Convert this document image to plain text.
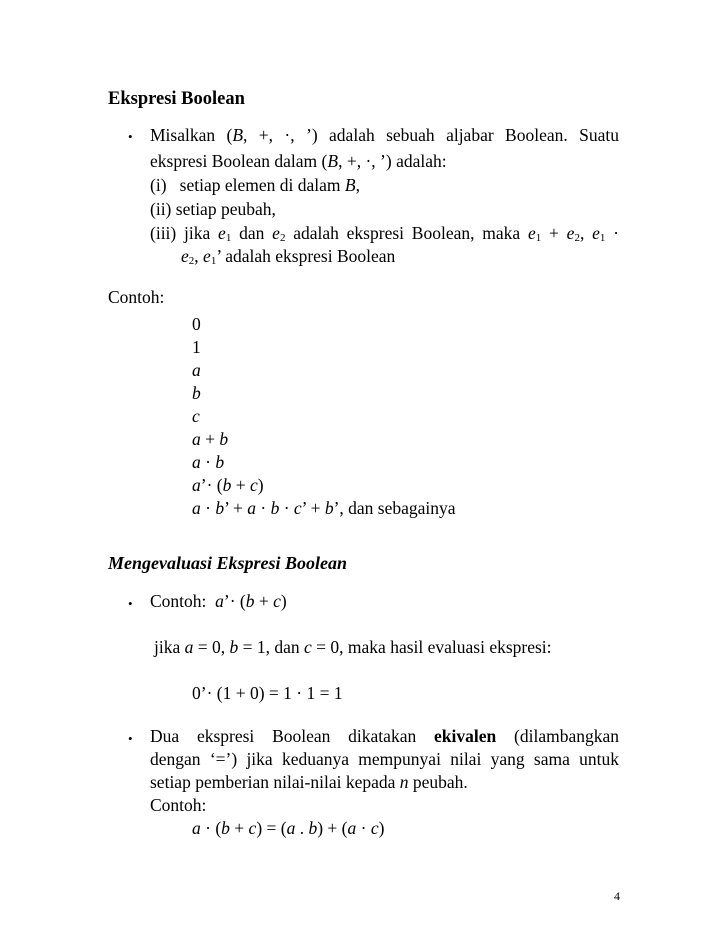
Ekspresi Boolean
• Misalkan (B, +, ·, ’) adalah sebuah aljabar Boolean. Suatu
ekspresi Boolean dalam (B, +, ·, ’) adalah:
(i)   setiap elemen di dalam B,
(ii) setiap peubah,
(iii) jika $e_1$ dan $e_2$ adalah ekspresi Boolean, maka $e_1 + e_2$, $e_1$ ·
$e_2$, $e_1$’ adalah ekspresi Boolean
Contoh:
0
1
a
b
c
a + b
a · b
a’· (b + c)
a · b’ + a · b · c’ + b’, dan sebagainya
Mengevaluasi Ekspresi Boolean
• Contoh:  a’· (b + c)
jika a = 0, b = 1, dan c = 0, maka hasil evaluasi ekspresi:
0’· (1 + 0) = 1 · 1 = 1
• Dua ekspresi Boolean dikatakan ekivalen (dilambangkan
dengan ‘=’) jika keduanya mempunyai nilai yang sama untuk
setiap pemberian nilai-nilai kepada n peubah.
Contoh:
a · (b + c) = (a . b) + (a · c)
4
